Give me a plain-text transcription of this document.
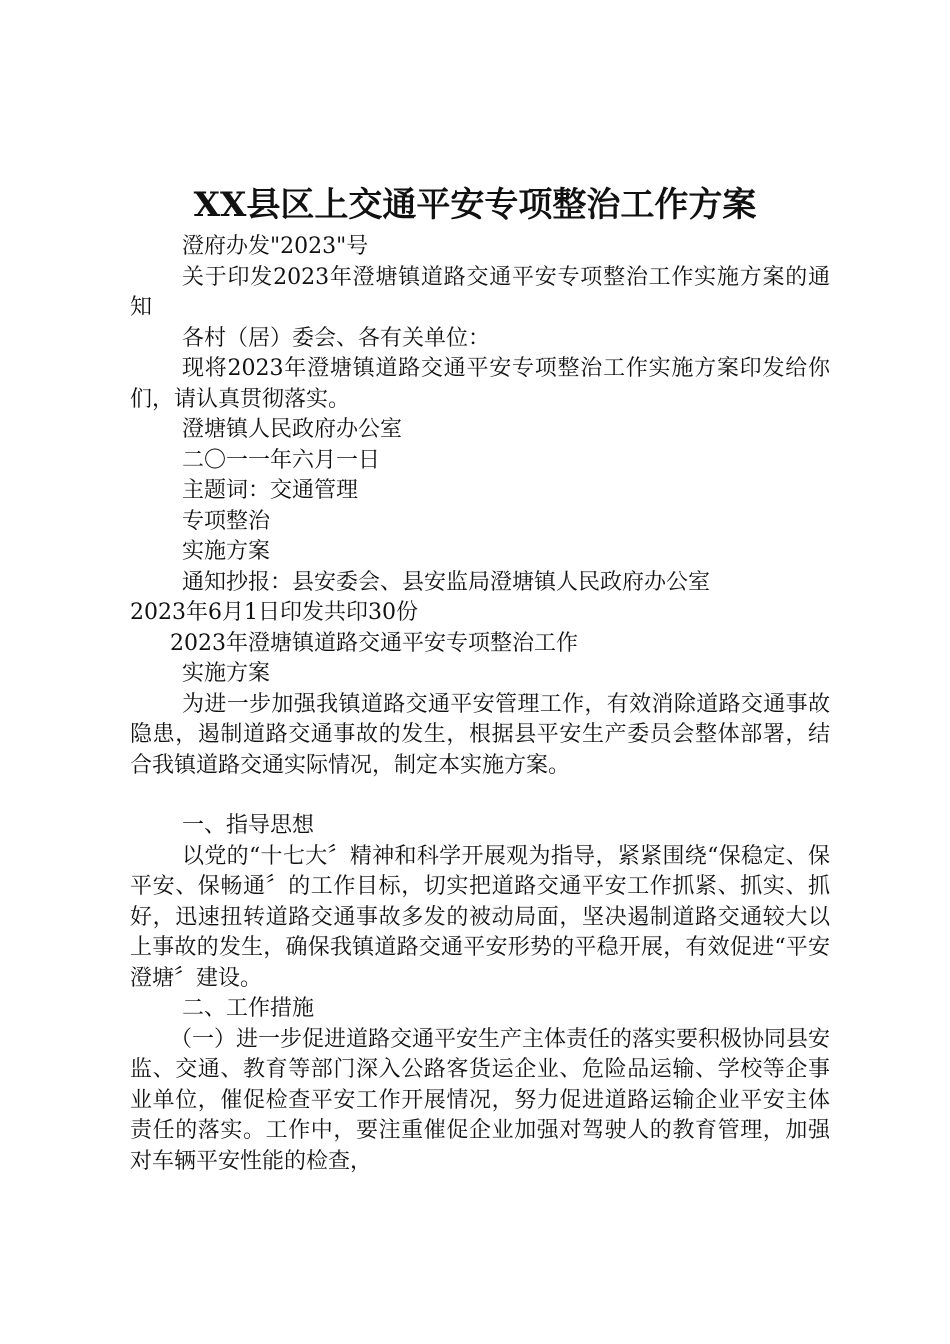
XX县区上交通平安专项整治工作方案

澄府办发"2023"号

关于印发2023年澄塘镇道路交通平安专项整治工作实施方案的通知

各村（居）委会、各有关单位：

现将2023年澄塘镇道路交通平安专项整治工作实施方案印发给你们，请认真贯彻落实。

澄塘镇人民政府办公室

二〇一一年六月一日

主题词：交通管理

专项整治

实施方案

通知抄报：县安委会、县安监局澄塘镇人民政府办公室

2023年6月1日印发共印30份

2023年澄塘镇道路交通平安专项整治工作

实施方案

为进一步加强我镇道路交通平安管理工作，有效消除道路交通事故隐患，遏制道路交通事故的发生，根据县平安生产委员会整体部署，结合我镇道路交通实际情况，制定本实施方案。

一、指导思想

以党的“十七大〞精神和科学开展观为指导，紧紧围绕“保稳定、保平安、保畅通〞的工作目标，切实把道路交通平安工作抓紧、抓实、抓好，迅速扭转道路交通事故多发的被动局面，坚决遏制道路交通较大以上事故的发生，确保我镇道路交通平安形势的平稳开展，有效促进“平安澄塘〞建设。

二、工作措施

（一）进一步促进道路交通平安生产主体责任的落实要积极协同县安监、交通、教育等部门深入公路客货运企业、危险品运输、学校等企事业单位，催促检查平安工作开展情况，努力促进道路运输企业平安主体责任的落实。工作中，要注重催促企业加强对驾驶人的教育管理，加强对车辆平安性能的检查，
